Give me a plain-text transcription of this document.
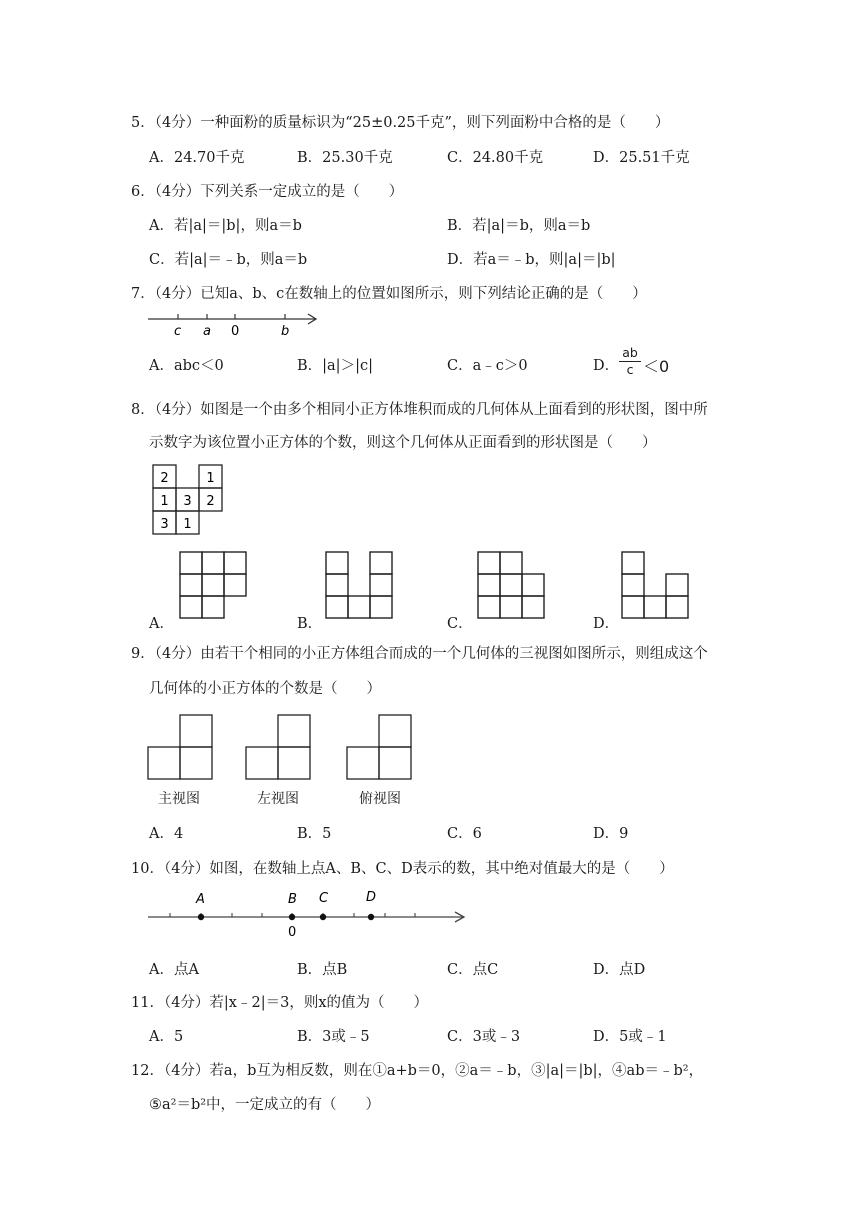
5．（4分）一种面粉的质量标识为“25±0.25千克”，则下列面粉中合格的是（　　）
A．24.70千克	B．25.30千克	C．24.80千克	D．25.51千克
6．（4分）下列关系一定成立的是（　　）
A．若|a|＝|b|，则a＝b	B．若|a|＝b，则a＝b
C．若|a|＝﹣b，则a＝b	D．若a＝﹣b，则|a|＝|b|
7．（4分）已知a、b、c在数轴上的位置如图所示，则下列结论正确的是（　　）
c a 0	b
A．abc＜0	B．|a|＞|c|	C．a﹣c＞0	D．
ab
c ＜0
8．（4分）如图是一个由多个相同小正方体堆积而成的几何体从上面看到的形状图，图中所
示数字为该位置小正方体的个数，则这个几何体从正面看到的形状图是（　　）
2	1
1 3 2
3 1
A．	B．	C．	D．
9．（4分）由若干个相同的小正方体组合而成的一个几何体的三视图如图所示，则组成这个
几何体的小正方体的个数是（　　）
主视图	左视图	俯视图
A．4	B．5	C．6	D．9
10．（4分）如图，在数轴上点A、B、C、D表示的数，其中绝对值最大的是（　　）
A	B C	D
0
A．点A	B．点B	C．点C	D．点D
11．（4分）若|x﹣2|＝3，则x的值为（　　）
A．5	B．3或﹣5	C．3或﹣3	D．5或﹣1
12．（4分）若a，b互为相反数，则在①a+b＝0，②a＝﹣b，③|a|＝|b|，④ab＝﹣b²，
⑤a²＝b²中，一定成立的有（　　）
